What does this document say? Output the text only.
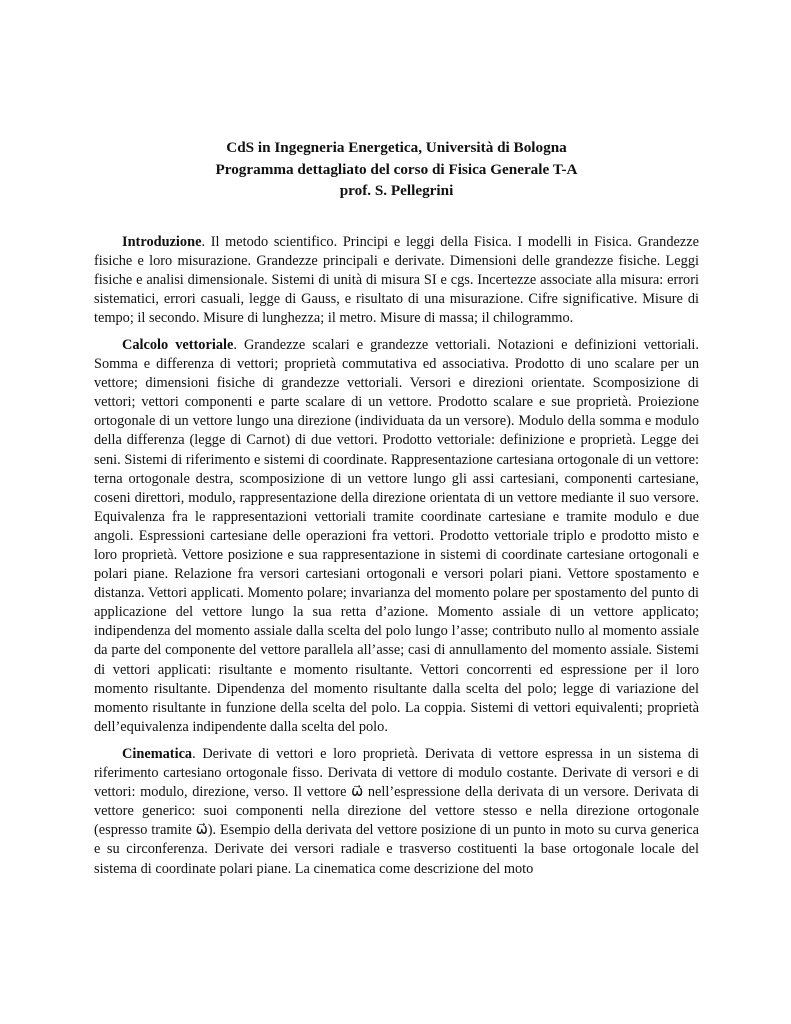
CdS in Ingegneria Energetica, Università di Bologna
Programma dettagliato del corso di Fisica Generale T-A
prof. S. Pellegrini

Introduzione. Il metodo scientifico. Principi e leggi della Fisica. I modelli in Fisica. Grandezze fisiche e loro misurazione. Grandezze principali e derivate. Dimensioni delle grandezze fisiche. Leggi fisiche e analisi dimensionale. Sistemi di unità di misura SI e cgs. Incertezze associate alla misura: errori sistematici, errori casuali, legge di Gauss, e risultato di una misurazione. Cifre significative. Misure di tempo; il secondo. Misure di lunghezza; il metro. Misure di massa; il chilogrammo.

Calcolo vettoriale. Grandezze scalari e grandezze vettoriali. Notazioni e definizioni vettoriali. Somma e differenza di vettori; proprietà commutativa ed associativa. Prodotto di uno scalare per un vettore; dimensioni fisiche di grandezze vettoriali. Versori e direzioni orientate. Scomposizione di vettori; vettori componenti e parte scalare di un vettore. Prodotto scalare e sue proprietà. Proiezione ortogonale di un vettore lungo una direzione (individuata da un versore). Modulo della somma e modulo della differenza (legge di Carnot) di due vettori. Prodotto vettoriale: definizione e proprietà. Legge dei seni. Sistemi di riferimento e sistemi di coordinate. Rappresentazione cartesiana ortogonale di un vettore: terna ortogonale destra, scomposizione di un vettore lungo gli assi cartesiani, componenti cartesiane, coseni direttori, modulo, rappresentazione della direzione orientata di un vettore mediante il suo versore. Equivalenza fra le rappresentazioni vettoriali tramite coordinate cartesiane e tramite modulo e due angoli. Espressioni cartesiane delle operazioni fra vettori. Prodotto vettoriale triplo e prodotto misto e loro proprietà. Vettore posizione e sua rappresentazione in sistemi di coordinate cartesiane ortogonali e polari piane. Relazione fra versori cartesiani ortogonali e versori polari piani. Vettore spostamento e distanza. Vettori applicati. Momento polare; invarianza del momento polare per spostamento del punto di applicazione del vettore lungo la sua retta d’azione. Momento assiale di un vettore applicato; indipendenza del momento assiale dalla scelta del polo lungo l’asse; contributo nullo al momento assiale da parte del componente del vettore parallela all’asse; casi di annullamento del momento assiale. Sistemi di vettori applicati: risultante e momento risultante. Vettori concorrenti ed espressione per il loro momento risultante. Dipendenza del momento risultante dalla scelta del polo; legge di variazione del momento risultante in funzione della scelta del polo. La coppia. Sistemi di vettori equivalenti; proprietà dell’equivalenza indipendente dalla scelta del polo.

Cinematica. Derivate di vettori e loro proprietà. Derivata di vettore espressa in un sistema di riferimento cartesiano ortogonale fisso. Derivata di vettore di modulo costante. Derivate di versori e di vettori: modulo, direzione, verso. Il vettore ω⃗ nell’espressione della derivata di un versore. Derivata di vettore generico: suoi componenti nella direzione del vettore stesso e nella direzione ortogonale (espresso tramite ω⃗). Esempio della derivata del vettore posizione di un punto in moto su curva generica e su circonferenza. Derivate dei versori radiale e trasverso costituenti la base ortogonale locale del sistema di coordinate polari piane. La cinematica come descrizione del moto
